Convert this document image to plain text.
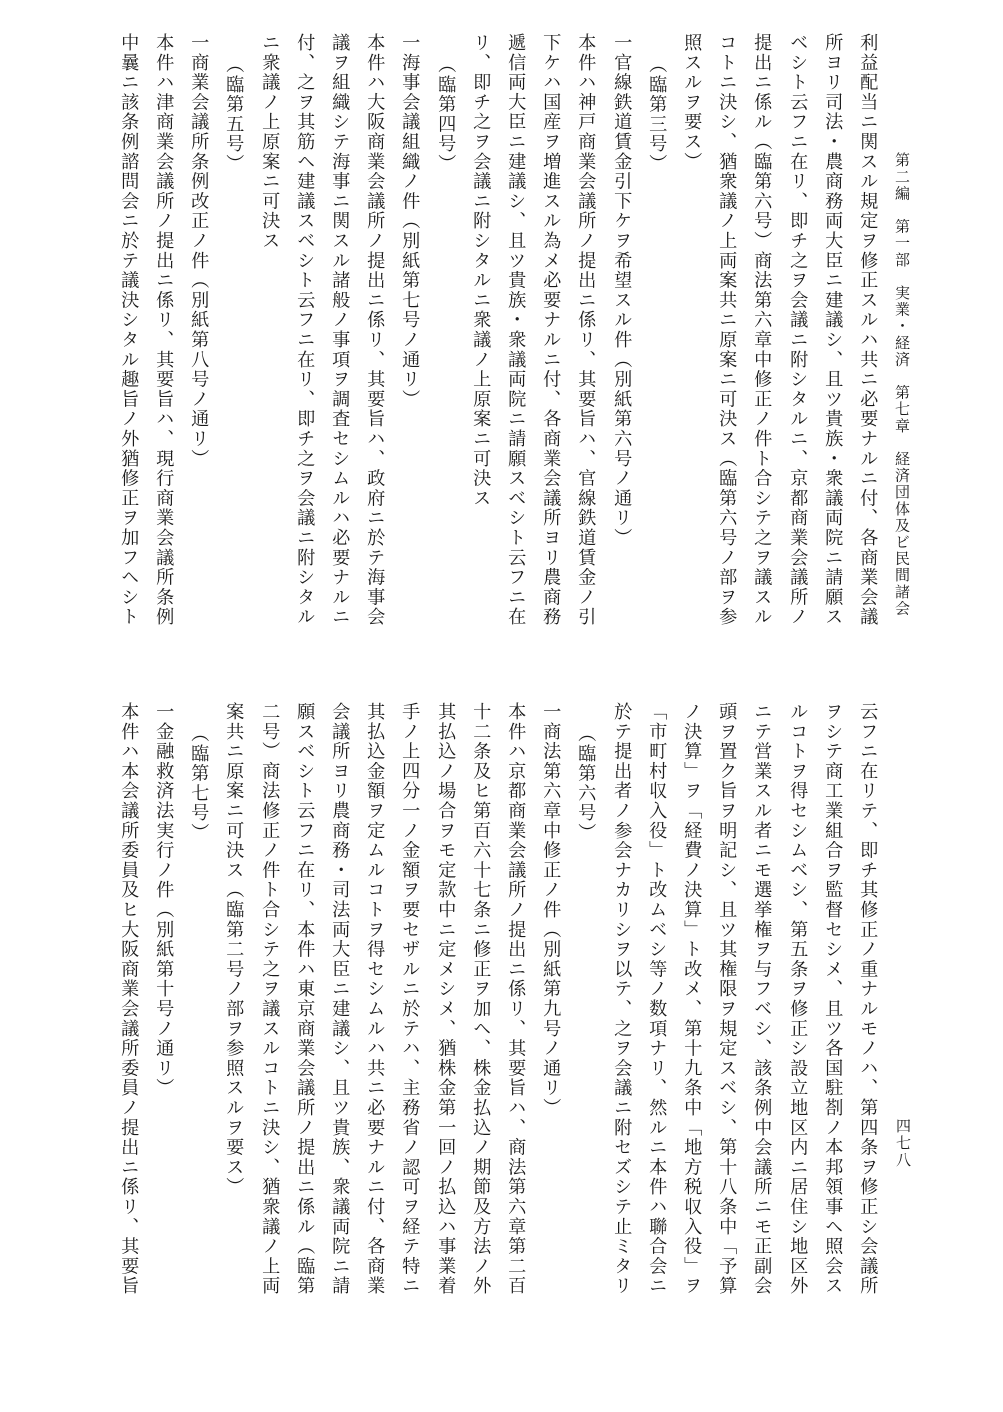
第二編　第一部　実業・経済　第七章　経済団体及ビ民間諸会
四七八
利益配当ニ関スル規定ヲ修正スルハ共ニ必要ナルニ付、各商業会議
所ヨリ司法・農商務両大臣ニ建議シ、且ツ貴族・衆議両院ニ請願ス
ベシト云フニ在リ、即チ之ヲ会議ニ附シタルニ、京都商業会議所ノ
提出ニ係ル（臨第六号）商法第六章中修正ノ件ト合シテ之ヲ議スル
コトニ決シ、猶衆議ノ上両案共ニ原案ニ可決ス（臨第六号ノ部ヲ参
照スルヲ要ス）
（臨第三号）
一官線鉄道賃金引下ケヲ希望スル件（別紙第六号ノ通リ）
本件ハ神戸商業会議所ノ提出ニ係リ、其要旨ハ、官線鉄道賃金ノ引
下ケハ国産ヲ増進スル為メ必要ナルニ付、各商業会議所ヨリ農商務
遞信両大臣ニ建議シ、且ツ貴族・衆議両院ニ請願スベシト云フニ在
リ、即チ之ヲ会議ニ附シタルニ衆議ノ上原案ニ可決ス
（臨第四号）
一海事会議組織ノ件（別紙第七号ノ通リ）
本件ハ大阪商業会議所ノ提出ニ係リ、其要旨ハ、政府ニ於テ海事会
議ヲ組織シテ海事ニ関スル諸般ノ事項ヲ調査セシムルハ必要ナルニ
付、之ヲ其筋ヘ建議スベシト云フニ在リ、即チ之ヲ会議ニ附シタル
ニ衆議ノ上原案ニ可決ス
（臨第五号）
一商業会議所条例改正ノ件（別紙第八号ノ通リ）
本件ハ津商業会議所ノ提出ニ係リ、其要旨ハ、現行商業会議所条例
中曩ニ該条例諮問会ニ於テ議決シタル趣旨ノ外猶修正ヲ加フヘシト
云フニ在リテ、即チ其修正ノ重ナルモノハ、第四条ヲ修正シ会議所
ヲシテ商工業組合ヲ監督セシメ、且ツ各国駐剳ノ本邦領事ヘ照会ス
ルコトヲ得セシムベシ、第五条ヲ修正シ設立地区内ニ居住シ地区外
ニテ営業スル者ニモ選挙権ヲ与フベシ、該条例中会議所ニモ正副会
頭ヲ置ク旨ヲ明記シ、且ツ其権限ヲ規定スベシ、第十八条中「予算
ノ決算」ヲ「経費ノ決算」ト改メ、第十九条中「地方税収入役」ヲ
「市町村収入役」ト改ムベシ等ノ数項ナリ、然ルニ本件ハ聯合会ニ
於テ提出者ノ参会ナカリシヲ以テ、之ヲ会議ニ附セズシテ止ミタリ
（臨第六号）
一商法第六章中修正ノ件（別紙第九号ノ通リ）
本件ハ京都商業会議所ノ提出ニ係リ、其要旨ハ、商法第六章第二百
十二条及ヒ第百六十七条ニ修正ヲ加ヘ、株金払込ノ期節及方法ノ外
其払込ノ場合ヲモ定款中ニ定メシメ、猶株金第一回ノ払込ハ事業着
手ノ上四分一ノ金額ヲ要セザルニ於テハ、主務省ノ認可ヲ経テ特ニ
其払込金額ヲ定ムルコトヲ得セシムルハ共ニ必要ナルニ付、各商業
会議所ヨリ農商務・司法両大臣ニ建議シ、且ツ貴族、衆議両院ニ請
願スベシト云フニ在リ、本件ハ東京商業会議所ノ提出ニ係ル（臨第
二号）商法修正ノ件ト合シテ之ヲ議スルコトニ決シ、猶衆議ノ上両
案共ニ原案ニ可決ス（臨第二号ノ部ヲ参照スルヲ要ス）
（臨第七号）
一金融救済法実行ノ件（別紙第十号ノ通リ）
本件ハ本会議所委員及ヒ大阪商業会議所委員ノ提出ニ係リ、其要旨
